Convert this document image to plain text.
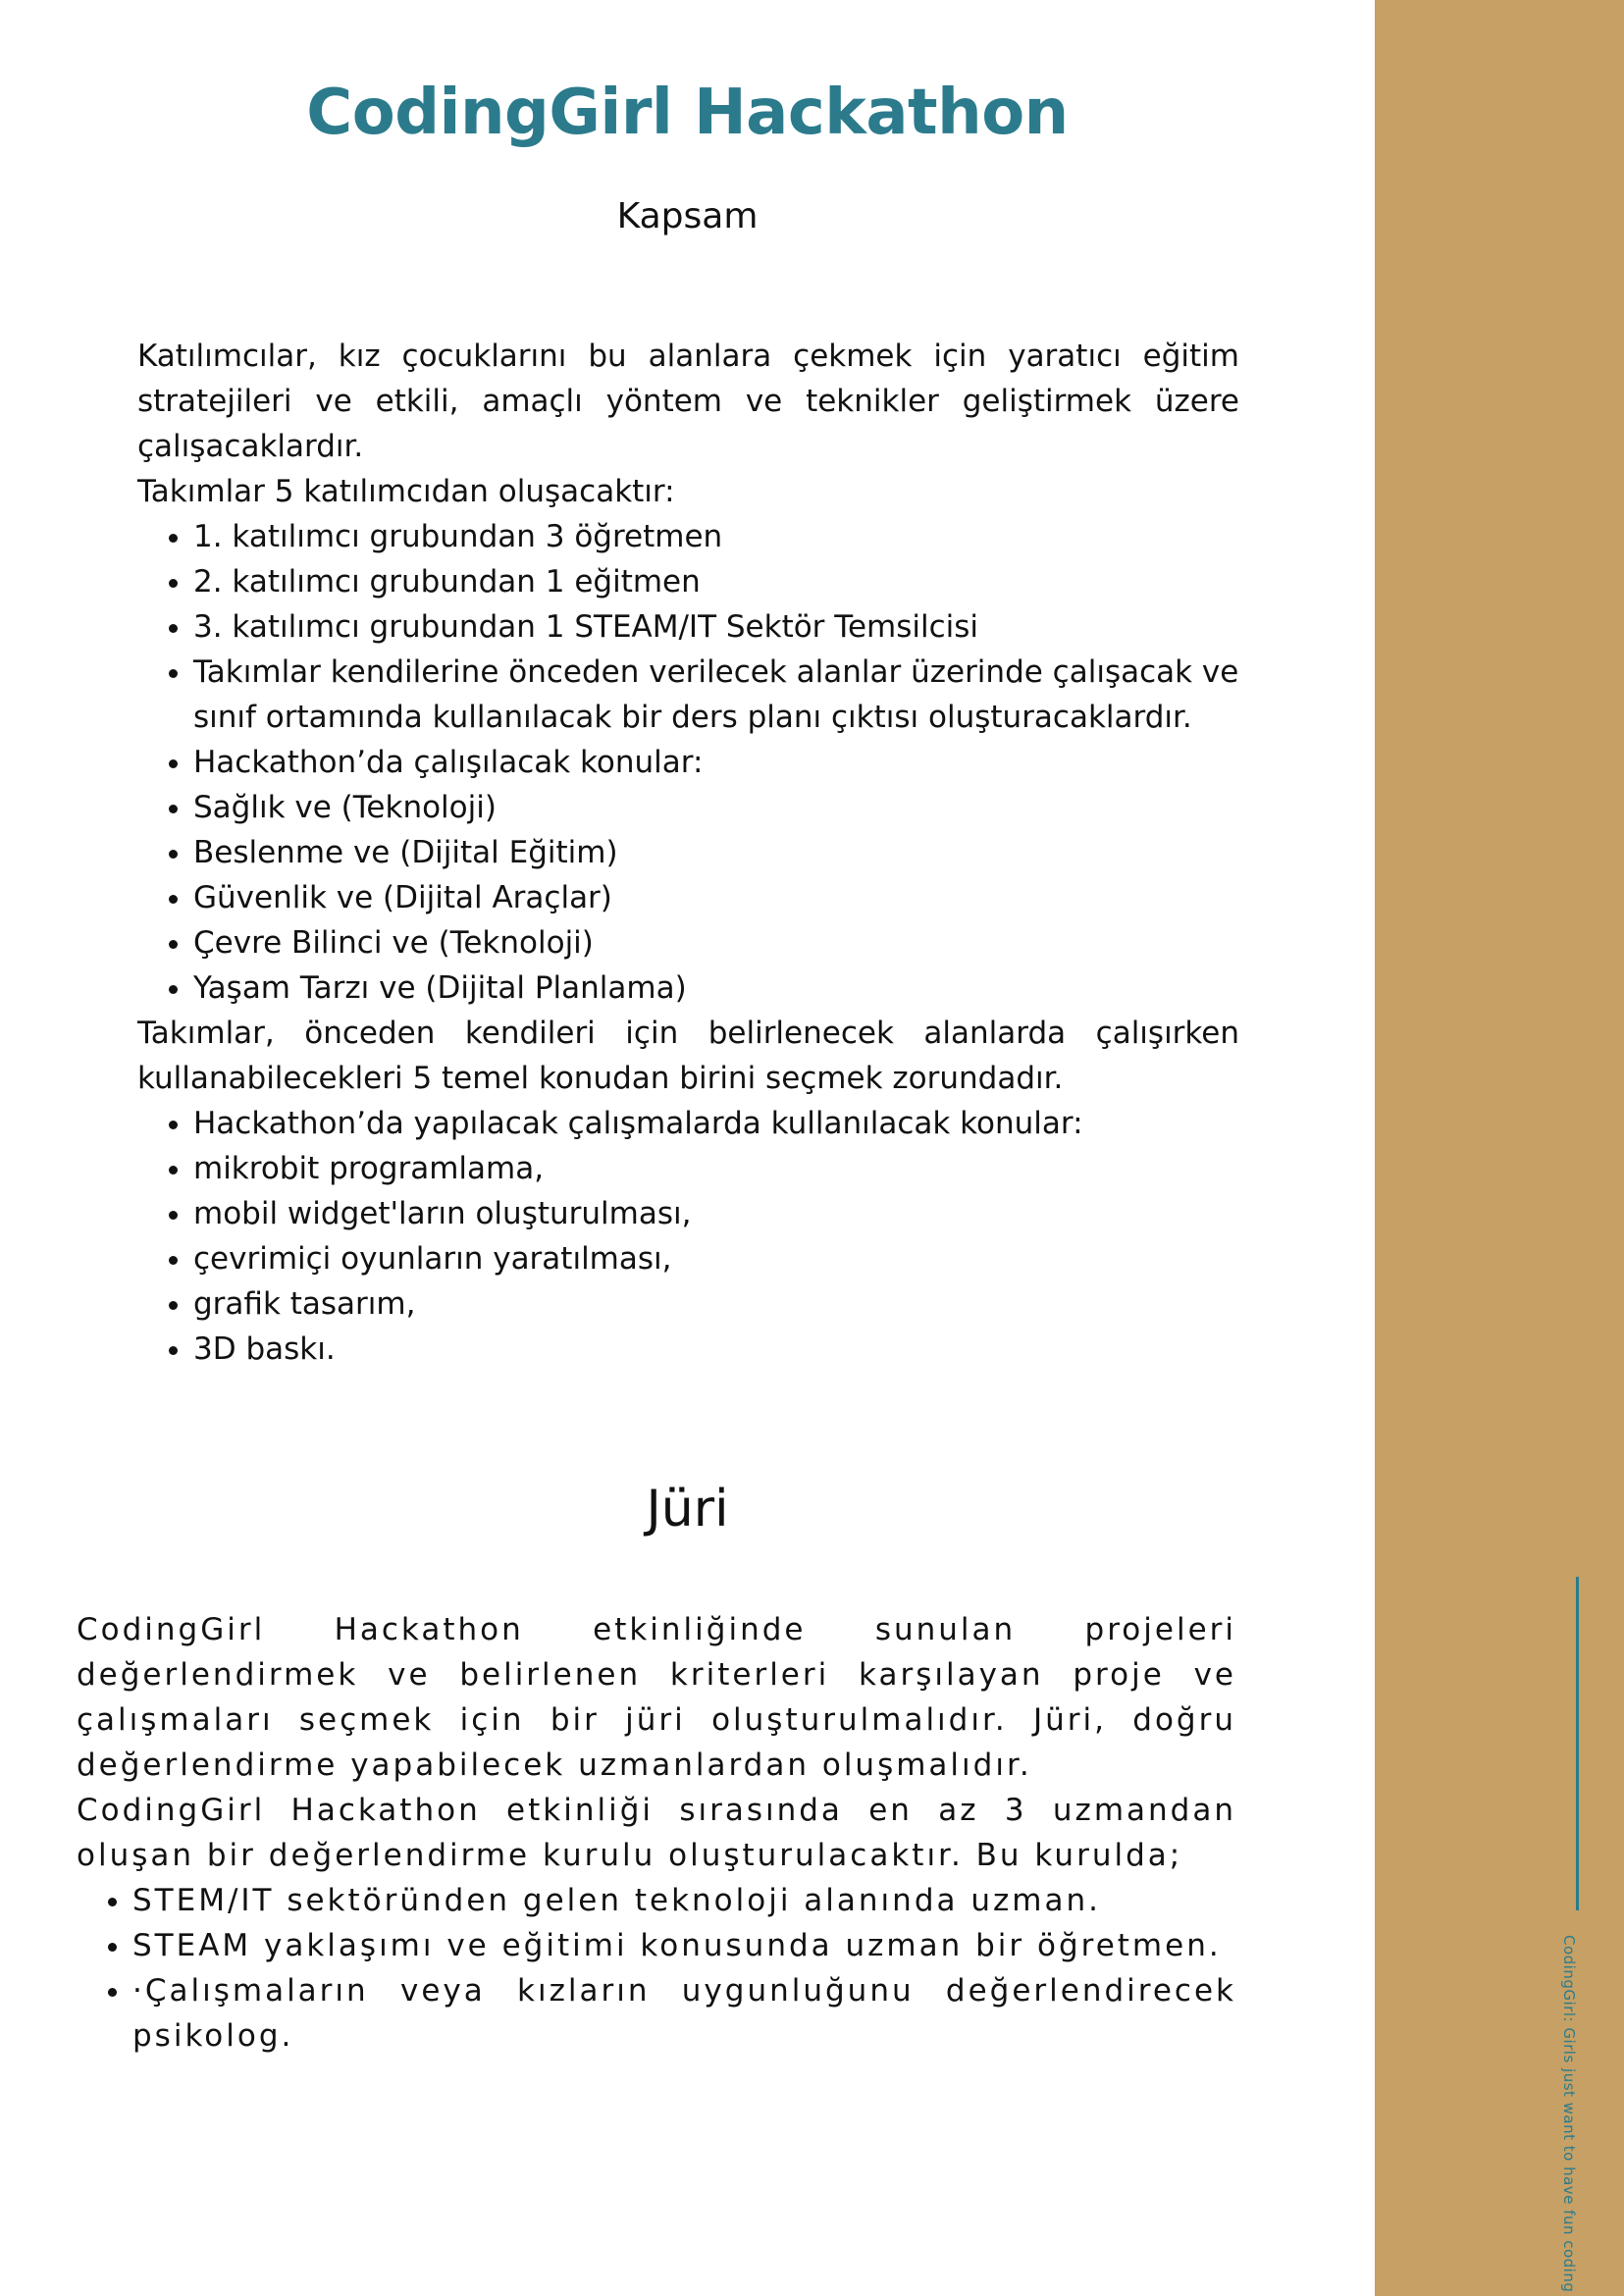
CodingGirl: Girls just want to have fun coding
CodingGirl Hackathon
Kapsam

Katılımcılar, kız çocuklarını bu alanlara çekmek için yaratıcı eğitim stratejileri ve etkili, amaçlı yöntem ve teknikler geliştirmek üzere çalışacaklardır.

Takımlar 5 katılımcıdan oluşacaktır:

• 1. katılımcı grubundan 3 öğretmen
• 2. katılımcı grubundan 1 eğitmen
• 3. katılımcı grubundan 1 STEAM/IT Sektör Temsilcisi
• Takımlar kendilerine önceden verilecek alanlar üzerinde çalışacak ve sınıf ortamında kullanılacak bir ders planı çıktısı oluşturacaklardır.
• Hackathon’da çalışılacak konular:
• Sağlık ve (Teknoloji)
• Beslenme ve (Dijital Eğitim)
• Güvenlik ve (Dijital Araçlar)
• Çevre Bilinci ve (Teknoloji)
• Yaşam Tarzı ve (Dijital Planlama)

Takımlar, önceden kendileri için belirlenecek alanlarda çalışırken kullanabilecekleri 5 temel konudan birini seçmek zorundadır.

• Hackathon’da yapılacak çalışmalarda kullanılacak konular:
• mikrobit programlama,
• mobil widget'ların oluşturulması,
• çevrimiçi oyunların yaratılması,
• grafik tasarım,
• 3D baskı.
Jüri

CodingGirl Hackathon etkinliğinde sunulan projeleri değerlendirmek ve belirlenen kriterleri karşılayan proje ve çalışmaları seçmek için bir jüri oluşturulmalıdır. Jüri, doğru değerlendirme yapabilecek uzmanlardan oluşmalıdır.

CodingGirl Hackathon etkinliği sırasında en az 3 uzmandan oluşan bir değerlendirme kurulu oluşturulacaktır. Bu kurulda;

• STEM/IT sektöründen gelen teknoloji alanında uzman.
• STEAM yaklaşımı ve eğitimi konusunda uzman bir öğretmen.
• ·Çalışmaların veya kızların uygunluğunu değerlendirecek psikolog.
